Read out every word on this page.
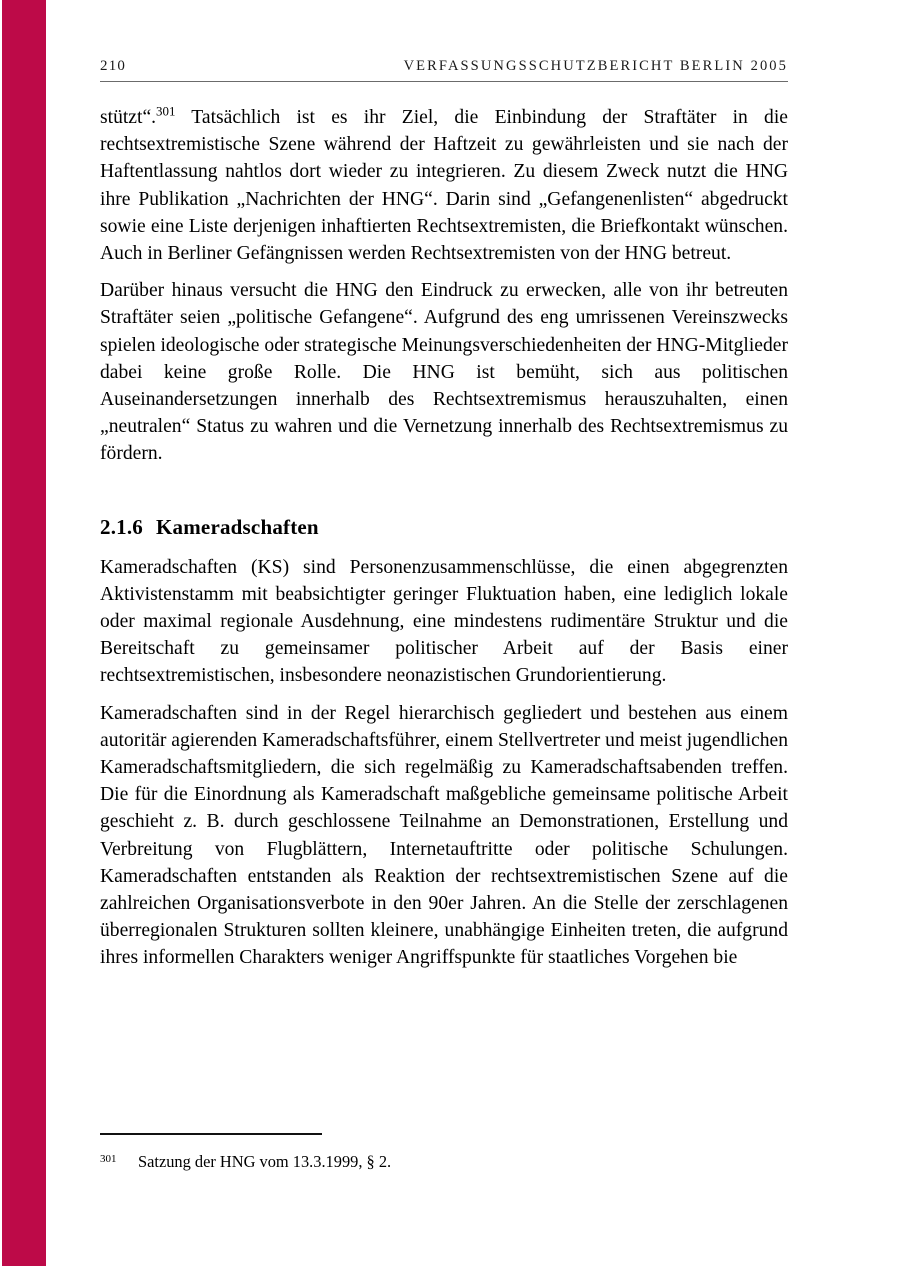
210	VERFASSUNGSSCHUTZBERICHT BERLIN 2005

stützt“.$^{301}$ Tatsächlich ist es ihr Ziel, die Einbindung der Straftäter in die rechtsextremistische Szene während der Haftzeit zu gewährleisten und sie nach der Haftentlassung nahtlos dort wieder zu integrieren. Zu diesem Zweck nutzt die HNG ihre Publikation „Nachrichten der HNG“. Darin sind „Gefangenenlisten“ abgedruckt sowie eine Liste derjenigen inhaftierten Rechtsextremisten, die Briefkontakt wünschen. Auch in Berliner Gefängnissen werden Rechtsextremisten von der HNG betreut.

Darüber hinaus versucht die HNG den Eindruck zu erwecken, alle von ihr betreuten Straftäter seien „politische Gefangene“. Aufgrund des eng umrissenen Vereinszwecks spielen ideologische oder strategische Meinungsverschiedenheiten der HNG-Mitglieder dabei keine große Rolle. Die HNG ist bemüht, sich aus politischen Auseinandersetzungen innerhalb des Rechtsextremismus herauszuhalten, einen „neutralen“ Status zu wahren und die Vernetzung innerhalb des Rechtsextremismus zu fördern.

2.1.6 Kameradschaften

Kameradschaften (KS) sind Personenzusammenschlüsse, die einen abgegrenzten Aktivistenstamm mit beabsichtigter geringer Fluktuation haben, eine lediglich lokale oder maximal regionale Ausdehnung, eine mindestens rudimentäre Struktur und die Bereitschaft zu gemeinsamer politischer Arbeit auf der Basis einer rechtsextremistischen, insbesondere neonazistischen Grundorientierung.

Kameradschaften sind in der Regel hierarchisch gegliedert und bestehen aus einem autoritär agierenden Kameradschaftsführer, einem Stellvertreter und meist jugendlichen Kameradschaftsmitgliedern, die sich regelmäßig zu Kameradschaftsabenden treffen. Die für die Einordnung als Kameradschaft maßgebliche gemeinsame politische Arbeit geschieht z. B. durch geschlossene Teilnahme an Demonstrationen, Erstellung und Verbreitung von Flugblättern, Internetauftritte oder politische Schulungen. Kameradschaften entstanden als Reaktion der rechtsextremistischen Szene auf die zahlreichen Organisationsverbote in den 90er Jahren. An die Stelle der zerschlagenen überregionalen Strukturen sollten kleinere, unabhängige Einheiten treten, die aufgrund ihres informellen Charakters weniger Angriffspunkte für staatliches Vorgehen bie

301	Satzung der HNG vom 13.3.1999, § 2.
